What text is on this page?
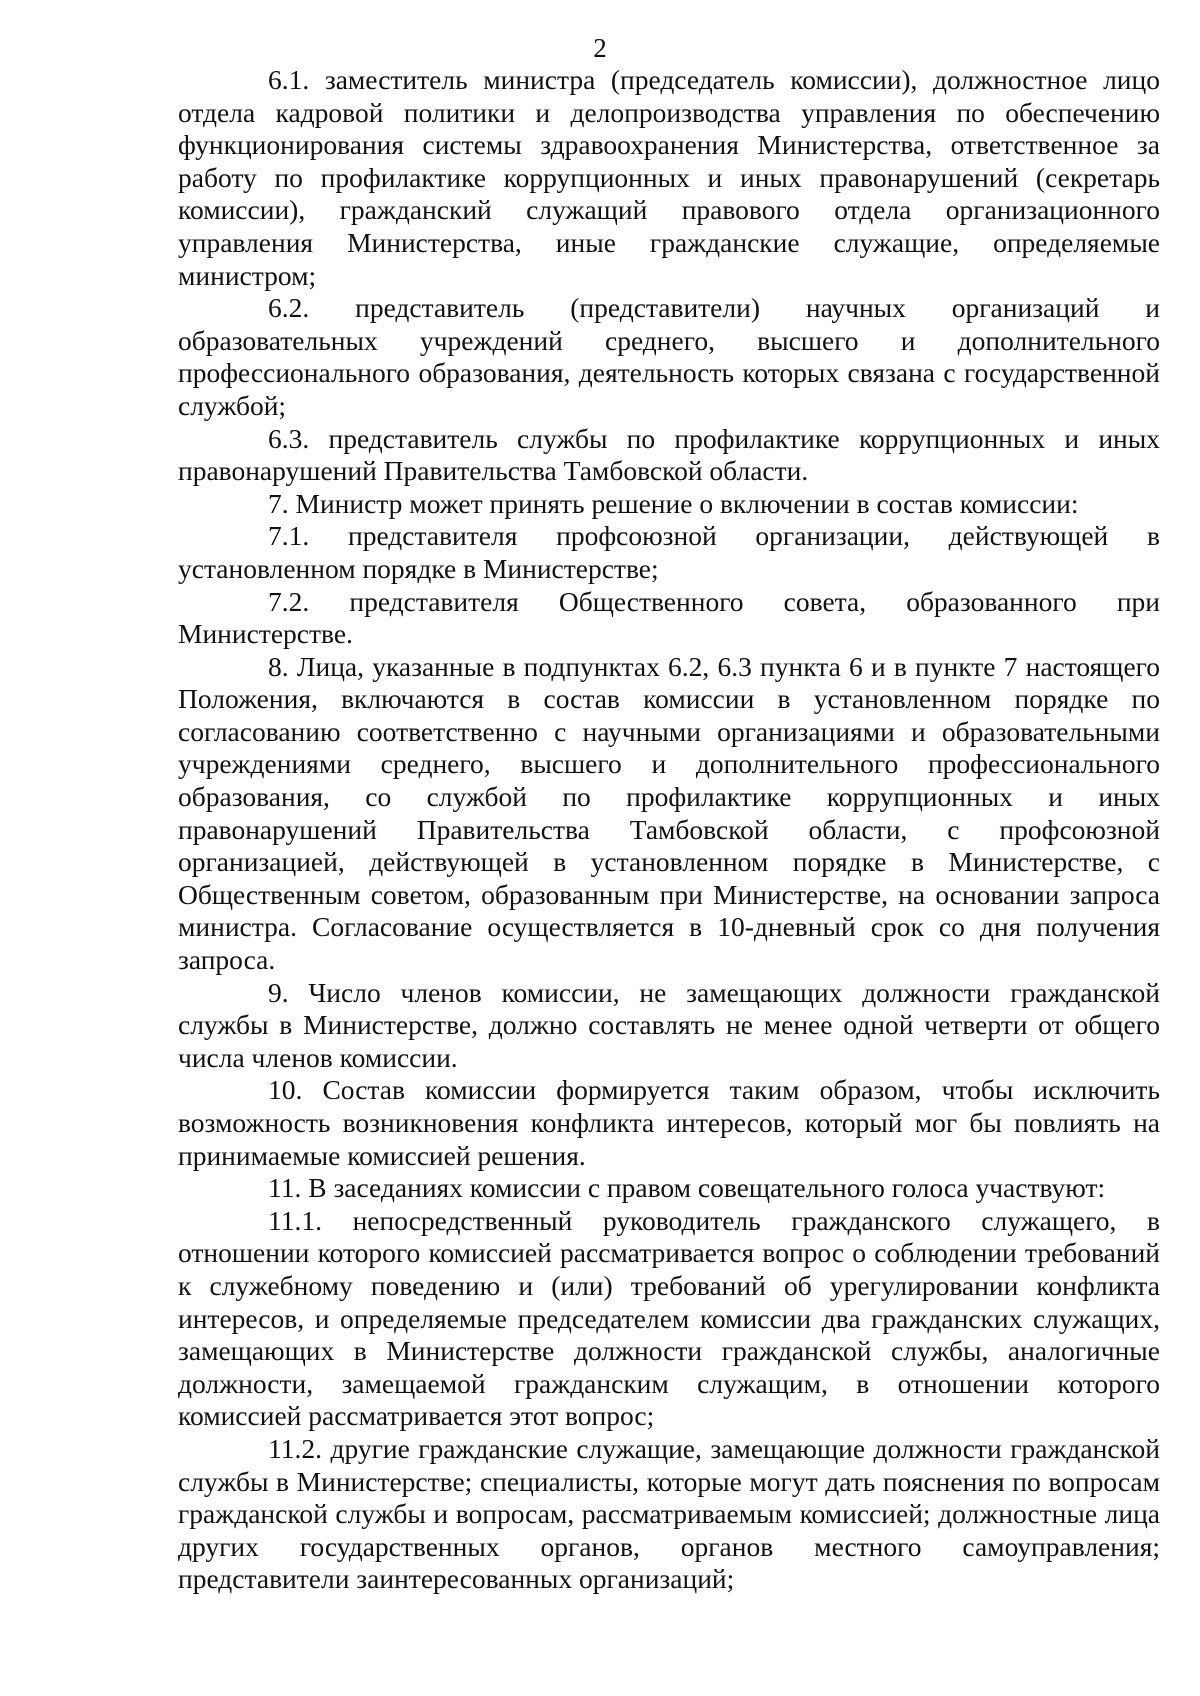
2

6.1. заместитель министра (председатель комиссии), должностное лицо отдела кадровой политики и делопроизводства управления по обеспечению функционирования системы здравоохранения Министерства, ответственное за работу по профилактике коррупционных и иных правонарушений (секретарь комиссии), гражданский служащий правового отдела организационного управления Министерства, иные гражданские служащие, определяемые министром;

6.2. представитель (представители) научных организаций и образовательных учреждений среднего, высшего и дополнительного профессионального образования, деятельность которых связана с государственной службой;

6.3. представитель службы по профилактике коррупционных и иных правонарушений Правительства Тамбовской области.

7. Министр может принять решение о включении в состав комиссии:

7.1. представителя профсоюзной организации, действующей в установленном порядке в Министерстве;

7.2. представителя Общественного совета, образованного при Министерстве.

8. Лица, указанные в подпунктах 6.2, 6.3 пункта 6 и в пункте 7 настоящего Положения, включаются в состав комиссии в установленном порядке по согласованию соответственно с научными организациями и образовательными учреждениями среднего, высшего и дополнительного профессионального образования, со службой по профилактике коррупционных и иных правонарушений Правительства Тамбовской области, с профсоюзной организацией, действующей в установленном порядке в Министерстве, с Общественным советом, образованным при Министерстве, на основании запроса министра. Согласование осуществляется в 10-дневный срок со дня получения запроса.

9. Число членов комиссии, не замещающих должности гражданской службы в Министерстве, должно составлять не менее одной четверти от общего числа членов комиссии.

10. Состав комиссии формируется таким образом, чтобы исключить возможность возникновения конфликта интересов, который мог бы повлиять на принимаемые комиссией решения.

11. В заседаниях комиссии с правом совещательного голоса участвуют:

11.1. непосредственный руководитель гражданского служащего, в отношении которого комиссией рассматривается вопрос о соблюдении требований к служебному поведению и (или) требований об урегулировании конфликта интересов, и определяемые председателем комиссии два гражданских служащих, замещающих в Министерстве должности гражданской службы, аналогичные должности, замещаемой гражданским служащим, в отношении которого комиссией рассматривается этот вопрос;

11.2. другие гражданские служащие, замещающие должности гражданской службы в Министерстве; специалисты, которые могут дать пояснения по вопросам гражданской службы и вопросам, рассматриваемым комиссией; должностные лица других государственных органов, органов местного самоуправления; представители заинтересованных организаций;
